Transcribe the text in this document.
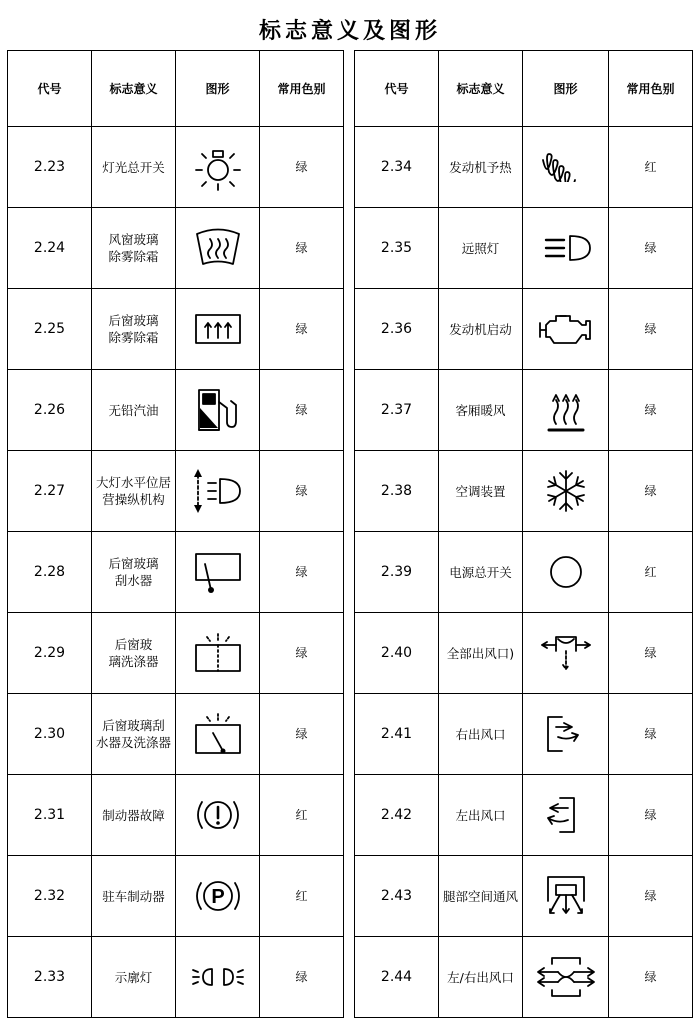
标志意义及图形
代号	标志意义	图形	常用色别
2.23	灯光总开关		绿
2.24	风窗玻璃
除雾除霜		绿
2.25	后窗玻璃
除雾除霜		绿
2.26	无铅汽油		绿
2.27	大灯水平位居
营操纵机构		绿
2.28	后窗玻璃
刮水器		绿
2.29	后窗玻
璃洗涤器		绿
2.30	后窗玻璃刮
水器及洗涤器		绿
2.31	制动器故障		红
2.32	驻车制动器	P	红
2.33	示廓灯		绿
代号	标志意义	图形	常用色别
2.34	发动机予热		红
2.35	远照灯		绿
2.36	发动机启动		绿
2.37	客厢暖风		绿
2.38	空调装置		绿
2.39	电源总开关		红
2.40	全部出风口)		绿
2.41	右出风口		绿
2.42	左出风口		绿
2.43	腿部空间通风		绿
2.44	左/右出风口		绿
